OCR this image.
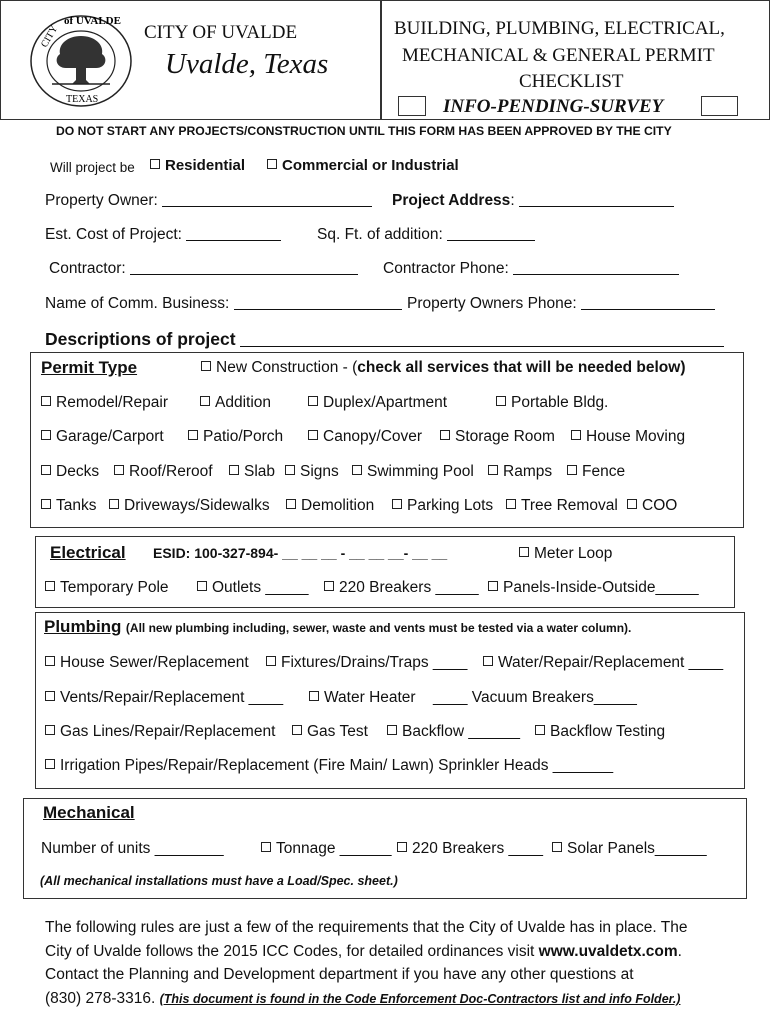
CITY
of UVALDE
TEXAS
CITY OF UVALDE
Uvalde, Texas
BUILDING, PLUMBING, ELECTRICAL,
MECHANICAL & GENERAL PERMIT
CHECKLIST
INFO-PENDING-SURVEY
DO NOT START ANY PROJECTS/CONSTRUCTION UNTIL THIS FORM HAS BEEN APPROVED BY THE CITY
Will project be	Residential	Commercial or Industrial
Property Owner:	Project Address:
Est. Cost of Project:	Sq. Ft. of addition:
Contractor:	Contractor Phone:
Name of Comm. Business:	Property Owners Phone:
Descriptions of project
Permit Type	New Construction - (check all services that will be needed below)
Remodel/Repair	Addition	Duplex/Apartment	Portable Bldg.
Garage/Carport	Patio/Porch	Canopy/Cover	Storage Room	House Moving
Decks	Roof/Reroof	Slab	Signs	Swimming Pool	Ramps	Fence
Tanks	Driveways/Sidewalks	Demolition	Parking Lots	Tree Removal	COO
Electrical ESID: 100-327-894- __ __ __ - __ __ __- __ __	Meter Loop
Temporary Pole	Outlets _____	220 Breakers _____	Panels-Inside-Outside_____
Plumbing (All new plumbing including, sewer, waste and vents must be tested via a water column).
House Sewer/Replacement	Fixtures/Drains/Traps ____	Water/Repair/Replacement ____
Vents/Repair/Replacement ____	Water Heater ____ Vacuum Breakers_____
Gas Lines/Repair/Replacement	Gas Test	Backflow ______	Backflow Testing
Irrigation Pipes/Repair/Replacement (Fire Main/ Lawn) Sprinkler Heads _______
Mechanical
Number of units ________	Tonnage ______	220 Breakers ____	Solar Panels______
(All mechanical installations must have a Load/Spec. sheet.)
The following rules are just a few of the requirements that the City of Uvalde has in place. The
City of Uvalde follows the 2015 ICC Codes, for detailed ordinances visit www.uvaldetx.com.
Contact the Planning and Development department if you have any other questions at
(830) 278-3316. (This document is found in the Code Enforcement Doc-Contractors list and info Folder.)
